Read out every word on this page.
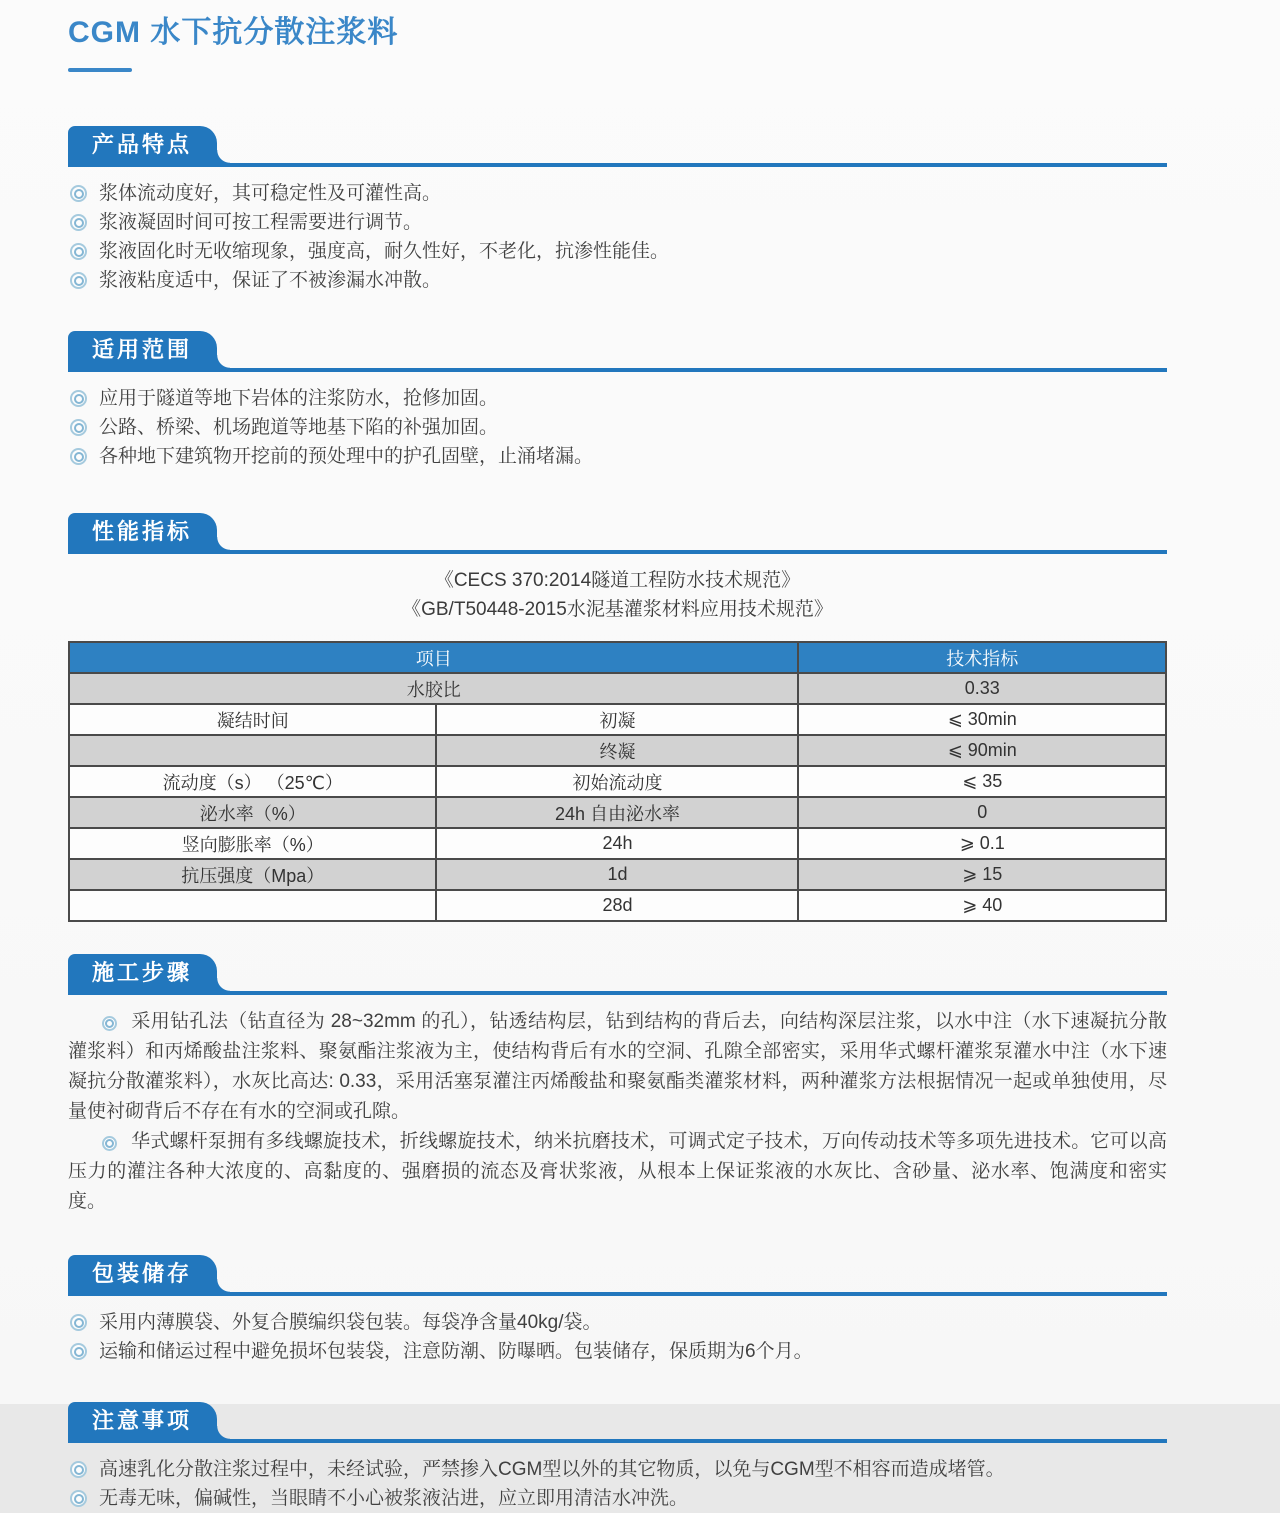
CGM 水下抗分散注浆料
产品特点
浆体流动度好，其可稳定性及可灌性高。
浆液凝固时间可按工程需要进行调节。
浆液固化时无收缩现象，强度高，耐久性好，不老化，抗渗性能佳。
浆液粘度适中，保证了不被渗漏水冲散。
适用范围
应用于隧道等地下岩体的注浆防水，抢修加固。
公路、桥梁、机场跑道等地基下陷的补强加固。
各种地下建筑物开挖前的预处理中的护孔固壁，止涌堵漏。
性能指标
《CECS 370:2014隧道工程防水技术规范》
《GB/T50448-2015水泥基灌浆材料应用技术规范》
项目		技术指标
水胶比		0.33
凝结时间	初凝	⩽ 30min
	终凝	⩽ 90min
流动度（s） （25℃）	初始流动度	⩽ 35
泌水率（%）	24h 自由泌水率	0
竖向膨胀率（%）	24h	⩾ 0.1
抗压强度（Mpa）	1d	⩾ 15
	28d	⩾ 40
施工步骤

采用钻孔法（钻直径为 28~32mm 的孔），钻透结构层，钻到结构的背后去，向结构深层注浆，以水中注（水下速凝抗分散灌浆料）和丙烯酸盐注浆料、聚氨酯注浆液为主，使结构背后有水的空洞、孔隙全部密实，采用华式螺杆灌浆泵灌水中注（水下速凝抗分散灌浆料），水灰比高达: 0.33，采用活塞泵灌注丙烯酸盐和聚氨酯类灌浆材料，两种灌浆方法根据情况一起或单独使用，尽量使衬砌背后不存在有水的空洞或孔隙。

华式螺杆泵拥有多线螺旋技术，折线螺旋技术，纳米抗磨技术，可调式定子技术，万向传动技术等多项先进技术。它可以高压力的灌注各种大浓度的、高黏度的、强磨损的流态及膏状浆液，从根本上保证浆液的水灰比、含砂量、泌水率、饱满度和密实度。

包装储存
采用内薄膜袋、外复合膜编织袋包装。每袋净含量40kg/袋。
运输和储运过程中避免损坏包装袋，注意防潮、防曝晒。包装储存，保质期为6个月。
注意事项
高速乳化分散注浆过程中，未经试验，严禁掺入CGM型以外的其它物质，以免与CGM型不相容而造成堵管。
无毒无味，偏碱性，当眼睛不小心被浆液沾进，应立即用清洁水冲洗。
